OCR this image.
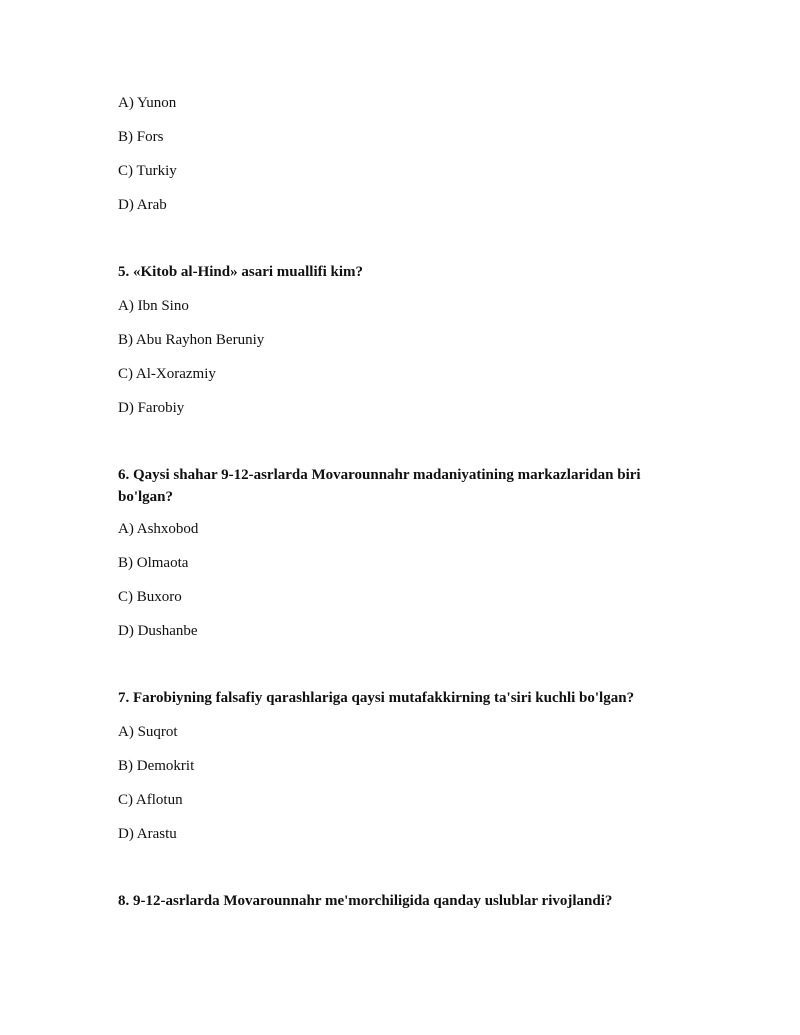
A) Yunon
B) Fors
C) Turkiy
D) Arab
5. «Kitob al-Hind» asari muallifi kim?
A) Ibn Sino
B) Abu Rayhon Beruniy
C) Al-Xorazmiy
D) Farobiy
6. Qaysi shahar 9-12-asrlarda Movarounnahr madaniyatining markazlaridan biri bo'lgan?
A) Ashxobod
B) Olmaota
C) Buxoro
D) Dushanbe
7. Farobiyning falsafiy qarashlariga qaysi mutafakkirning ta'siri kuchli bo'lgan?
A) Suqrot
B) Demokrit
C) Aflotun
D) Arastu
8. 9-12-asrlarda Movarounnahr me'morchiligida qanday uslublar rivojlandi?
